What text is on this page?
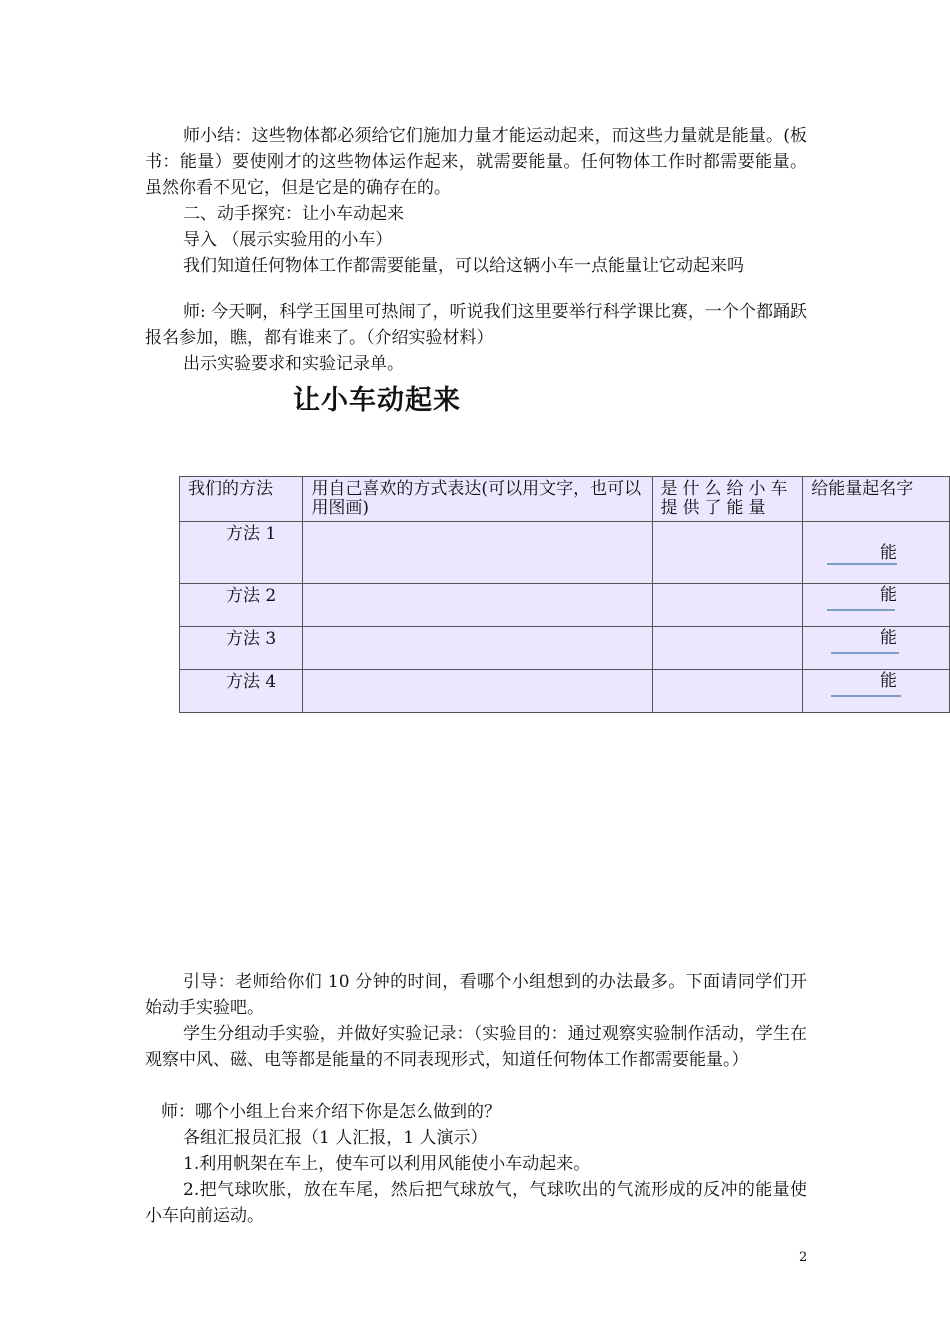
师小结：这些物体都必须给它们施加力量才能运动起来，而这些力量就是能量。(板书：能量）要使刚才的这些物体运作起来，就需要能量。任何物体工作时都需要能量。虽然你看不见它，但是它是的确存在的。

二、动手探究：让小车动起来

导入 （展示实验用的小车）

我们知道任何物体工作都需要能量，可以给这辆小车一点能量让它动起来吗

师: 今天啊，科学王国里可热闹了，听说我们这里要举行科学课比赛，一个个都踊跃报名参加，瞧，都有谁来了。（介绍实验材料）

出示实验要求和实验记录单。

让小车动起来
我们的方法	用自己喜欢的方式表达(可以用文字，也可以用图画)	是什么给小车提供了能量	给能量起名字
方法 1			能

方法 2			能

方法 3			能

方法 4			能

引导：老师给你们 10 分钟的时间，看哪个小组想到的办法最多。下面请同学们开始动手实验吧。

学生分组动手实验，并做好实验记录：（实验目的：通过观察实验制作活动，学生在观察中风、磁、电等都是能量的不同表现形式，知道任何物体工作都需要能量。）

师：哪个小组上台来介绍下你是怎么做到的？

各组汇报员汇报（1 人汇报，1 人演示）

1.利用帆架在车上，使车可以利用风能使小车动起来。

2.把气球吹胀，放在车尾，然后把气球放气，气球吹出的气流形成的反冲的能量使小车向前运动。

2
